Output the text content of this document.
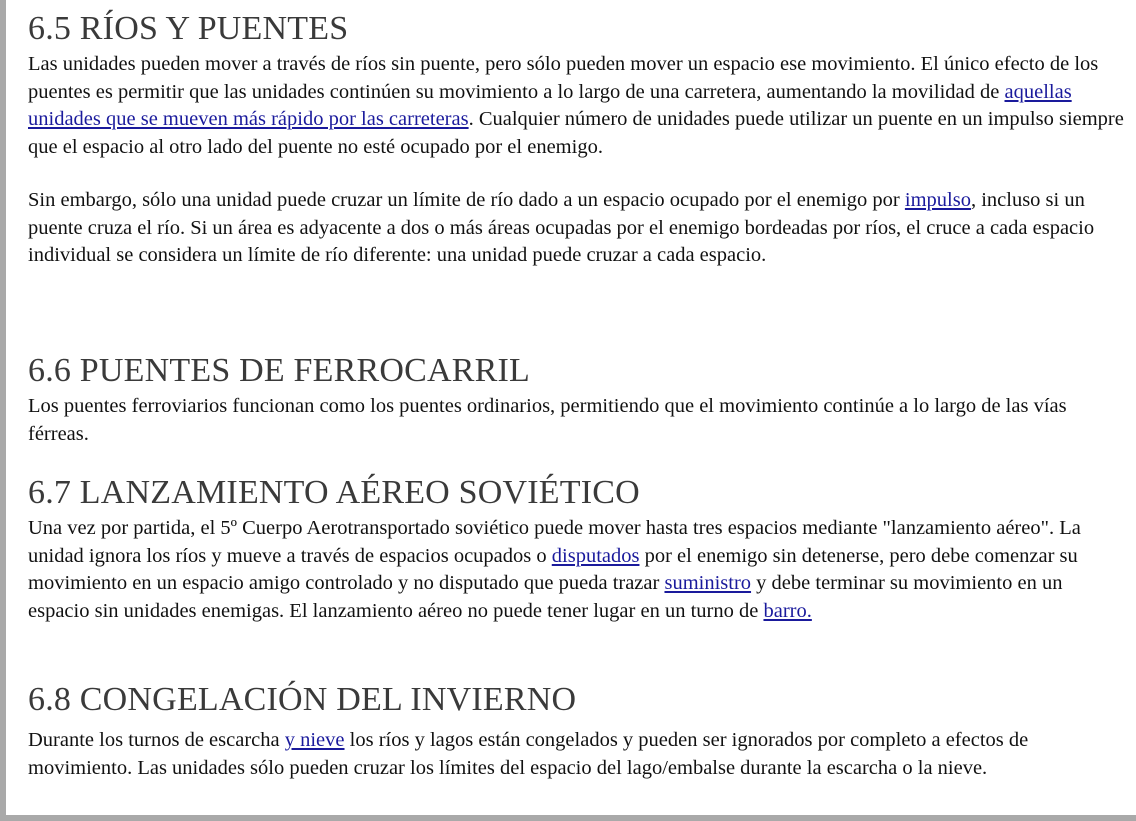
6.5 RÍOS Y PUENTES

Las unidades pueden mover a través de ríos sin puente, pero sólo pueden mover un espacio ese movimiento. El único efecto de los puentes es permitir que las unidades continúen su movimiento a lo largo de una carretera, aumentando la movilidad de aquellas unidades que se mueven más rápido por las carreteras. Cualquier número de unidades puede utilizar un puente en un impulso siempre que el espacio al otro lado del puente no esté ocupado por el enemigo.

Sin embargo, sólo una unidad puede cruzar un límite de río dado a un espacio ocupado por el enemigo por impulso, incluso si un puente cruza el río. Si un área es adyacente a dos o más áreas ocupadas por el enemigo bordeadas por ríos, el cruce a cada espacio individual se considera un límite de río diferente: una unidad puede cruzar a cada espacio.

6.6 PUENTES DE FERROCARRIL

Los puentes ferroviarios funcionan como los puentes ordinarios, permitiendo que el movimiento continúe a lo largo de las vías férreas.

6.7 LANZAMIENTO AÉREO SOVIÉTICO

Una vez por partida, el 5º Cuerpo Aerotransportado soviético puede mover hasta tres espacios mediante "lanzamiento aéreo". La unidad ignora los ríos y mueve a través de espacios ocupados o disputados por el enemigo sin detenerse, pero debe comenzar su movimiento en un espacio amigo controlado y no disputado que pueda trazar suministro y debe terminar su movimiento en un espacio sin unidades enemigas. El lanzamiento aéreo no puede tener lugar en un turno de barro.

6.8 CONGELACIÓN DEL INVIERNO

Durante los turnos de escarcha y nieve los ríos y lagos están congelados y pueden ser ignorados por completo a efectos de movimiento. Las unidades sólo pueden cruzar los límites del espacio del lago/embalse durante la escarcha o la nieve.
